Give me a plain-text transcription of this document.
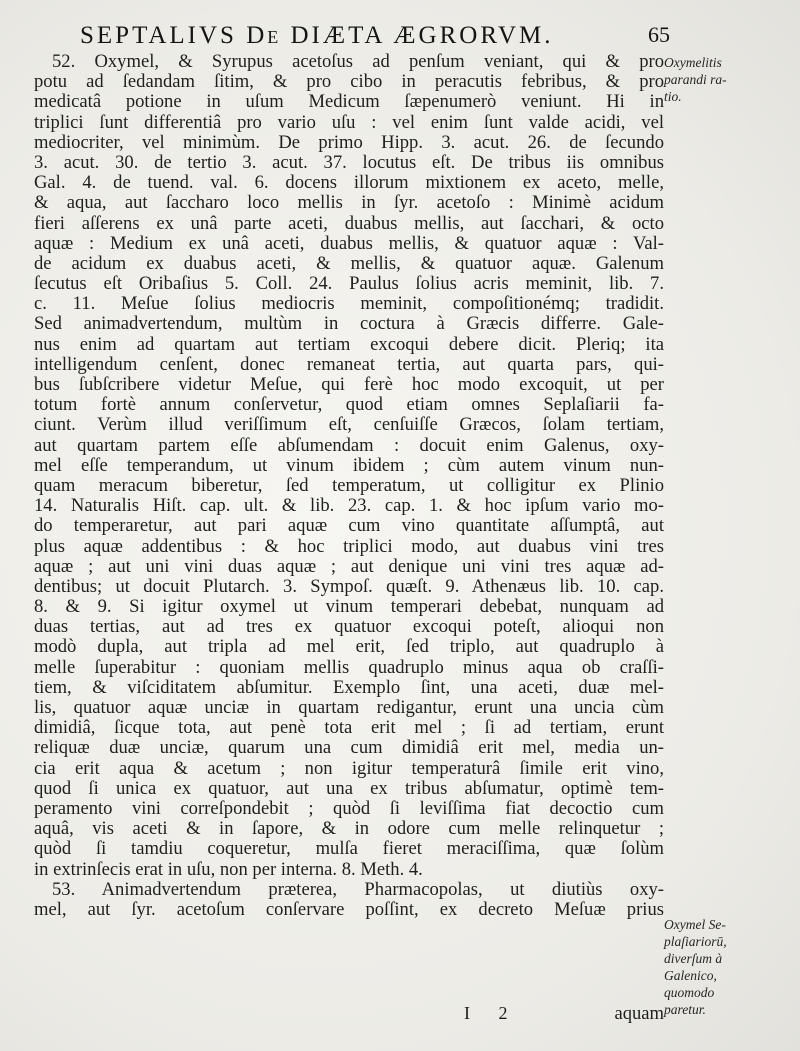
SEPTALIVS De DIÆTA ÆGRORVM.	65
52. Oxymel, & Syrupus acetoſus ad penſum veniant, qui & pro
potu ad ſedandam ſitim, & pro cibo in peracutis febribus, & pro
medicatâ potione in uſum Medicum ſæpenumerò veniunt. Hi in
triplici ſunt differentiâ pro vario uſu : vel enim ſunt valde acidi, vel
mediocriter, vel minimùm. De primo Hipp. 3. acut. 26. de ſecundo
3. acut. 30. de tertio 3. acut. 37. locutus eſt. De tribus iis omnibus
Gal. 4. de tuend. val. 6. docens illorum mixtionem ex aceto, melle,
& aqua, aut ſaccharo loco mellis in ſyr. acetoſo : Minimè acidum
fieri aſſerens ex unâ parte aceti, duabus mellis, aut ſacchari, & octo
aquæ : Medium ex unâ aceti, duabus mellis, & quatuor aquæ : Val-
de acidum ex duabus aceti, & mellis, & quatuor aquæ. Galenum
ſecutus eſt Oribaſius 5. Coll. 24. Paulus ſolius acris meminit, lib. 7.
c. 11. Meſue ſolius mediocris meminit, compoſitionémq; tradidit.
Sed animadvertendum, multùm in coctura à Græcis differre. Gale-
nus enim ad quartam aut tertiam excoqui debere dicit. Pleriq; ita
intelligendum cenſent, donec remaneat tertia, aut quarta pars, qui-
bus ſubſcribere videtur Meſue, qui ferè hoc modo excoquit, ut per
totum fortè annum conſervetur, quod etiam omnes Seplaſiarii fa-
ciunt. Verùm illud veriſſimum eſt, cenſuiſſe Græcos, ſolam tertiam,
aut quartam partem eſſe abſumendam : docuit enim Galenus, oxy-
mel eſſe temperandum, ut vinum ibidem ; cùm autem vinum nun-
quam meracum biberetur, ſed temperatum, ut colligitur ex Plinio
14. Naturalis Hiſt. cap. ult. & lib. 23. cap. 1. & hoc ipſum vario mo-
do temperaretur, aut pari aquæ cum vino quantitate aſſumptâ, aut
plus aquæ addentibus : & hoc triplici modo, aut duabus vini tres
aquæ ; aut uni vini duas aquæ ; aut denique uni vini tres aquæ ad-
dentibus; ut docuit Plutarch. 3. Sympoſ. quæſt. 9. Athenæus lib. 10. cap.
8. & 9. Si igitur oxymel ut vinum temperari debebat, nunquam ad
duas tertias, aut ad tres ex quatuor excoqui poteſt, alioqui non
modò dupla, aut tripla ad mel erit, ſed triplo, aut quadruplo à
melle ſuperabitur : quoniam mellis quadruplo minus aqua ob craſſi-
tiem, & viſciditatem abſumitur. Exemplo ſint, una aceti, duæ mel-
lis, quatuor aquæ unciæ in quartam redigantur, erunt una uncia cùm
dimidiâ, ſicque tota, aut penè tota erit mel ; ſi ad tertiam, erunt
reliquæ duæ unciæ, quarum una cum dimidiâ erit mel, media un-
cia erit aqua & acetum ; non igitur temperaturâ ſimile erit vino,
quod ſi unica ex quatuor, aut una ex tribus abſumatur, optimè tem-
peramento vini correſpondebit ; quòd ſi leviſſima fiat decoctio cum
aquâ, vis aceti & in ſapore, & in odore cum melle relinquetur ;
quòd ſi tamdiu coqueretur, mulſa fieret meraciſſima, quæ ſolùm
in extrinſecis erat in uſu, non per interna. 8. Meth. 4.
53. Animadvertendum præterea, Pharmacopolas, ut diutiùs oxy-
mel, aut ſyr. acetoſum conſervare poſſint, ex decreto Meſuæ prius
Oxymelitis
parandi ra-
tio.
Oxymel Se-
plaſiariorū,
diverſum à
Galenico,
quomodo
paretur.
I 2	aquam
